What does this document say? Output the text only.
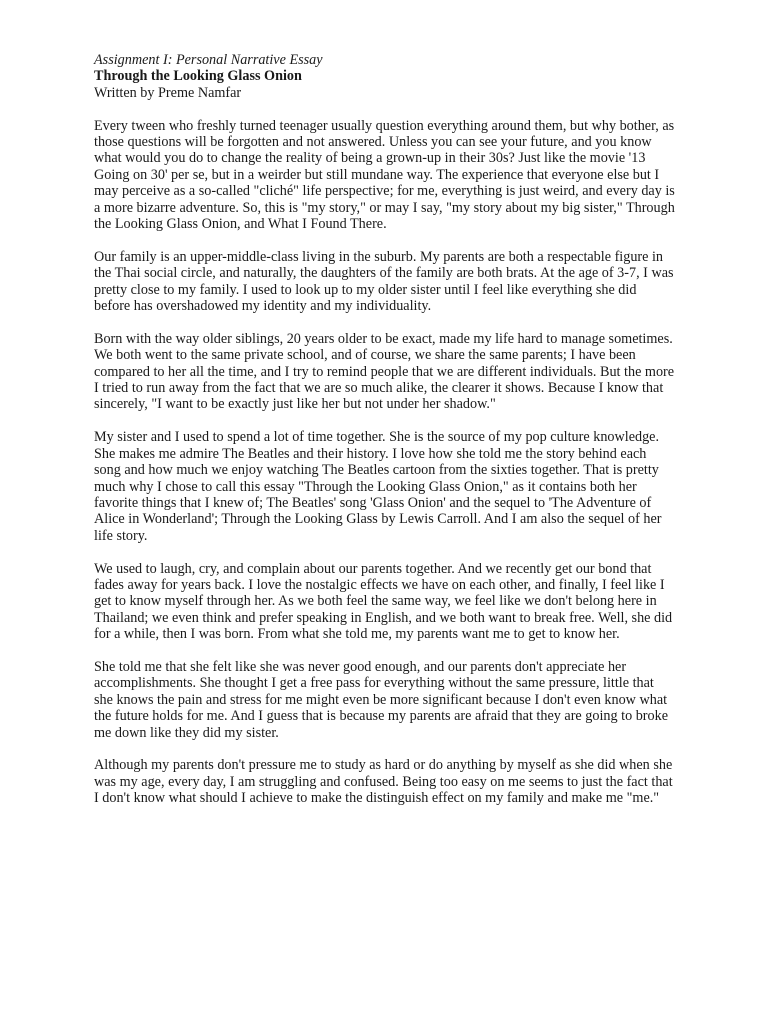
Assignment I: Personal Narrative Essay

Through the Looking Glass Onion

Written by Preme Namfar

Every tween who freshly turned teenager usually question everything around them, but why bother, as those questions will be forgotten and not answered. Unless you can see your future, and you know what would you do to change the reality of being a grown-up in their 30s? Just like the movie '13 Going on 30' per se, but in a weirder but still mundane way. The experience that everyone else but I may perceive as a so-called "cliché" life perspective; for me, everything is just weird, and every day is a more bizarre adventure. So, this is "my story," or may I say, "my story about my big sister," Through the Looking Glass Onion, and What I Found There.

Our family is an upper-middle-class living in the suburb. My parents are both a respectable figure in the Thai social circle, and naturally, the daughters of the family are both brats. At the age of 3-7, I was pretty close to my family. I used to look up to my older sister until I feel like everything she did before has overshadowed my identity and my individuality.

Born with the way older siblings, 20 years older to be exact, made my life hard to manage sometimes. We both went to the same private school, and of course, we share the same parents; I have been compared to her all the time, and I try to remind people that we are different individuals. But the more I tried to run away from the fact that we are so much alike, the clearer it shows. Because I know that sincerely, "I want to be exactly just like her but not under her shadow."

My sister and I used to spend a lot of time together. She is the source of my pop culture knowledge. She makes me admire The Beatles and their history. I love how she told me the story behind each song and how much we enjoy watching The Beatles cartoon from the sixties together. That is pretty much why I chose to call this essay "Through the Looking Glass Onion," as it contains both her favorite things that I knew of; The Beatles' song 'Glass Onion' and the sequel to 'The Adventure of Alice in Wonderland'; Through the Looking Glass by Lewis Carroll. And I am also the sequel of her life story.

We used to laugh, cry, and complain about our parents together. And we recently get our bond that fades away for years back. I love the nostalgic effects we have on each other, and finally, I feel like I get to know myself through her. As we both feel the same way, we feel like we don't belong here in Thailand; we even think and prefer speaking in English, and we both want to break free. Well, she did for a while, then I was born. From what she told me, my parents want me to get to know her.

She told me that she felt like she was never good enough, and our parents don't appreciate her accomplishments. She thought I get a free pass for everything without the same pressure, little that she knows the pain and stress for me might even be more significant because I don't even know what the future holds for me. And I guess that is because my parents are afraid that they are going to broke me down like they did my sister.

Although my parents don't pressure me to study as hard or do anything by myself as she did when she was my age, every day, I am struggling and confused. Being too easy on me seems to just the fact that I don't know what should I achieve to make the distinguish effect on my family and make me "me."
